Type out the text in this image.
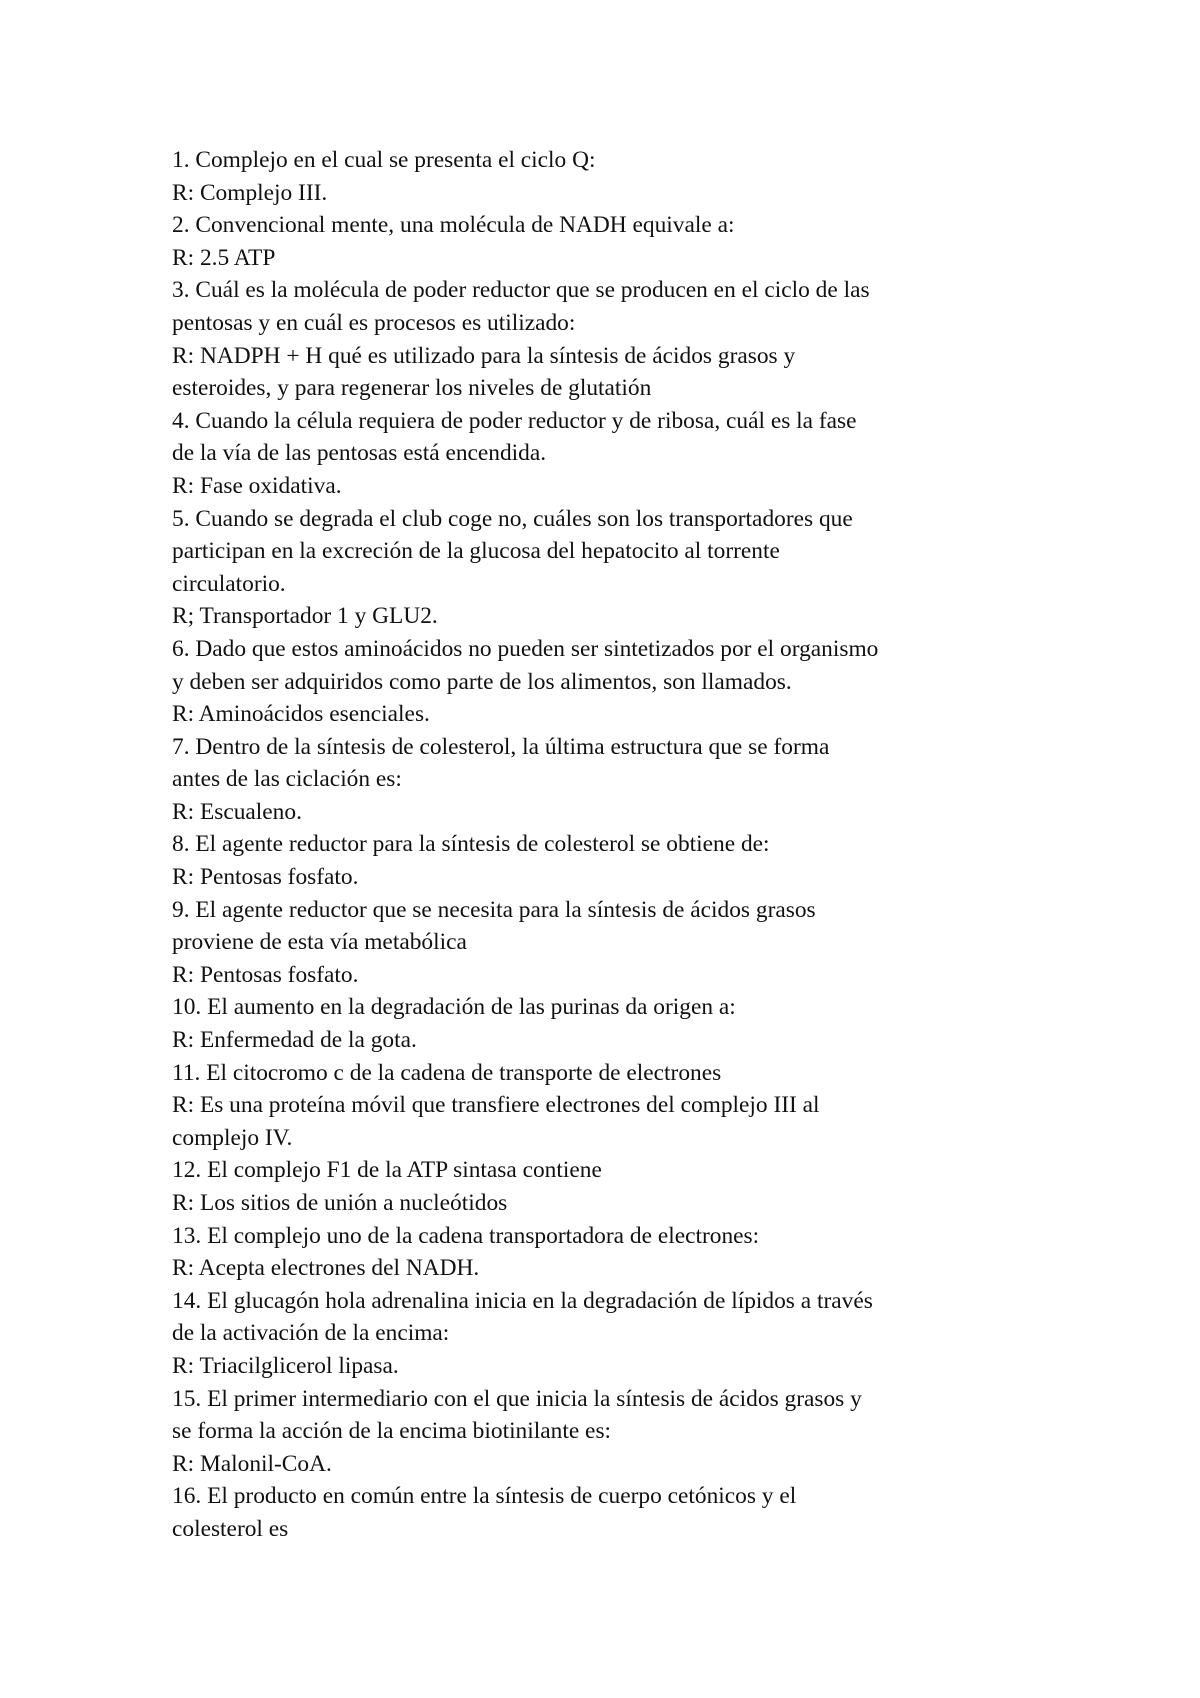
1. Complejo en el cual se presenta el ciclo Q:
R: Complejo III.
2. Convencional mente, una molécula de NADH equivale a:
R: 2.5 ATP
3. Cuál es la molécula de poder reductor que se producen en el ciclo de las
pentosas y en cuál es procesos es utilizado:
R: NADPH + H qué es utilizado para la síntesis de ácidos grasos y
esteroides, y para regenerar los niveles de glutatión
4. Cuando la célula requiera de poder reductor y de ribosa, cuál es la fase
de la vía de las pentosas está encendida.
R: Fase oxidativa.
5. Cuando se degrada el club coge no, cuáles son los transportadores que
participan en la excreción de la glucosa del hepatocito al torrente
circulatorio.
R; Transportador 1 y GLU2.
6. Dado que estos aminoácidos no pueden ser sintetizados por el organismo
y deben ser adquiridos como parte de los alimentos, son llamados.
R: Aminoácidos esenciales.
7. Dentro de la síntesis de colesterol, la última estructura que se forma
antes de las ciclación es:
R: Escualeno.
8. El agente reductor para la síntesis de colesterol se obtiene de:
R: Pentosas fosfato.
9. El agente reductor que se necesita para la síntesis de ácidos grasos
proviene de esta vía metabólica
R: Pentosas fosfato.
10. El aumento en la degradación de las purinas da origen a:
R: Enfermedad de la gota.
11. El citocromo c de la cadena de transporte de electrones
R: Es una proteína móvil que transfiere electrones del complejo III al
complejo IV.
12. El complejo F1 de la ATP sintasa contiene
R: Los sitios de unión a nucleótidos
13. El complejo uno de la cadena transportadora de electrones:
R: Acepta electrones del NADH.
14. El glucagón hola adrenalina inicia en la degradación de lípidos a través
de la activación de la encima:
R: Triacilglicerol lipasa.
15. El primer intermediario con el que inicia la síntesis de ácidos grasos y
se forma la acción de la encima biotinilante es:
R: Malonil-CoA.
16. El producto en común entre la síntesis de cuerpo cetónicos y el
colesterol es
